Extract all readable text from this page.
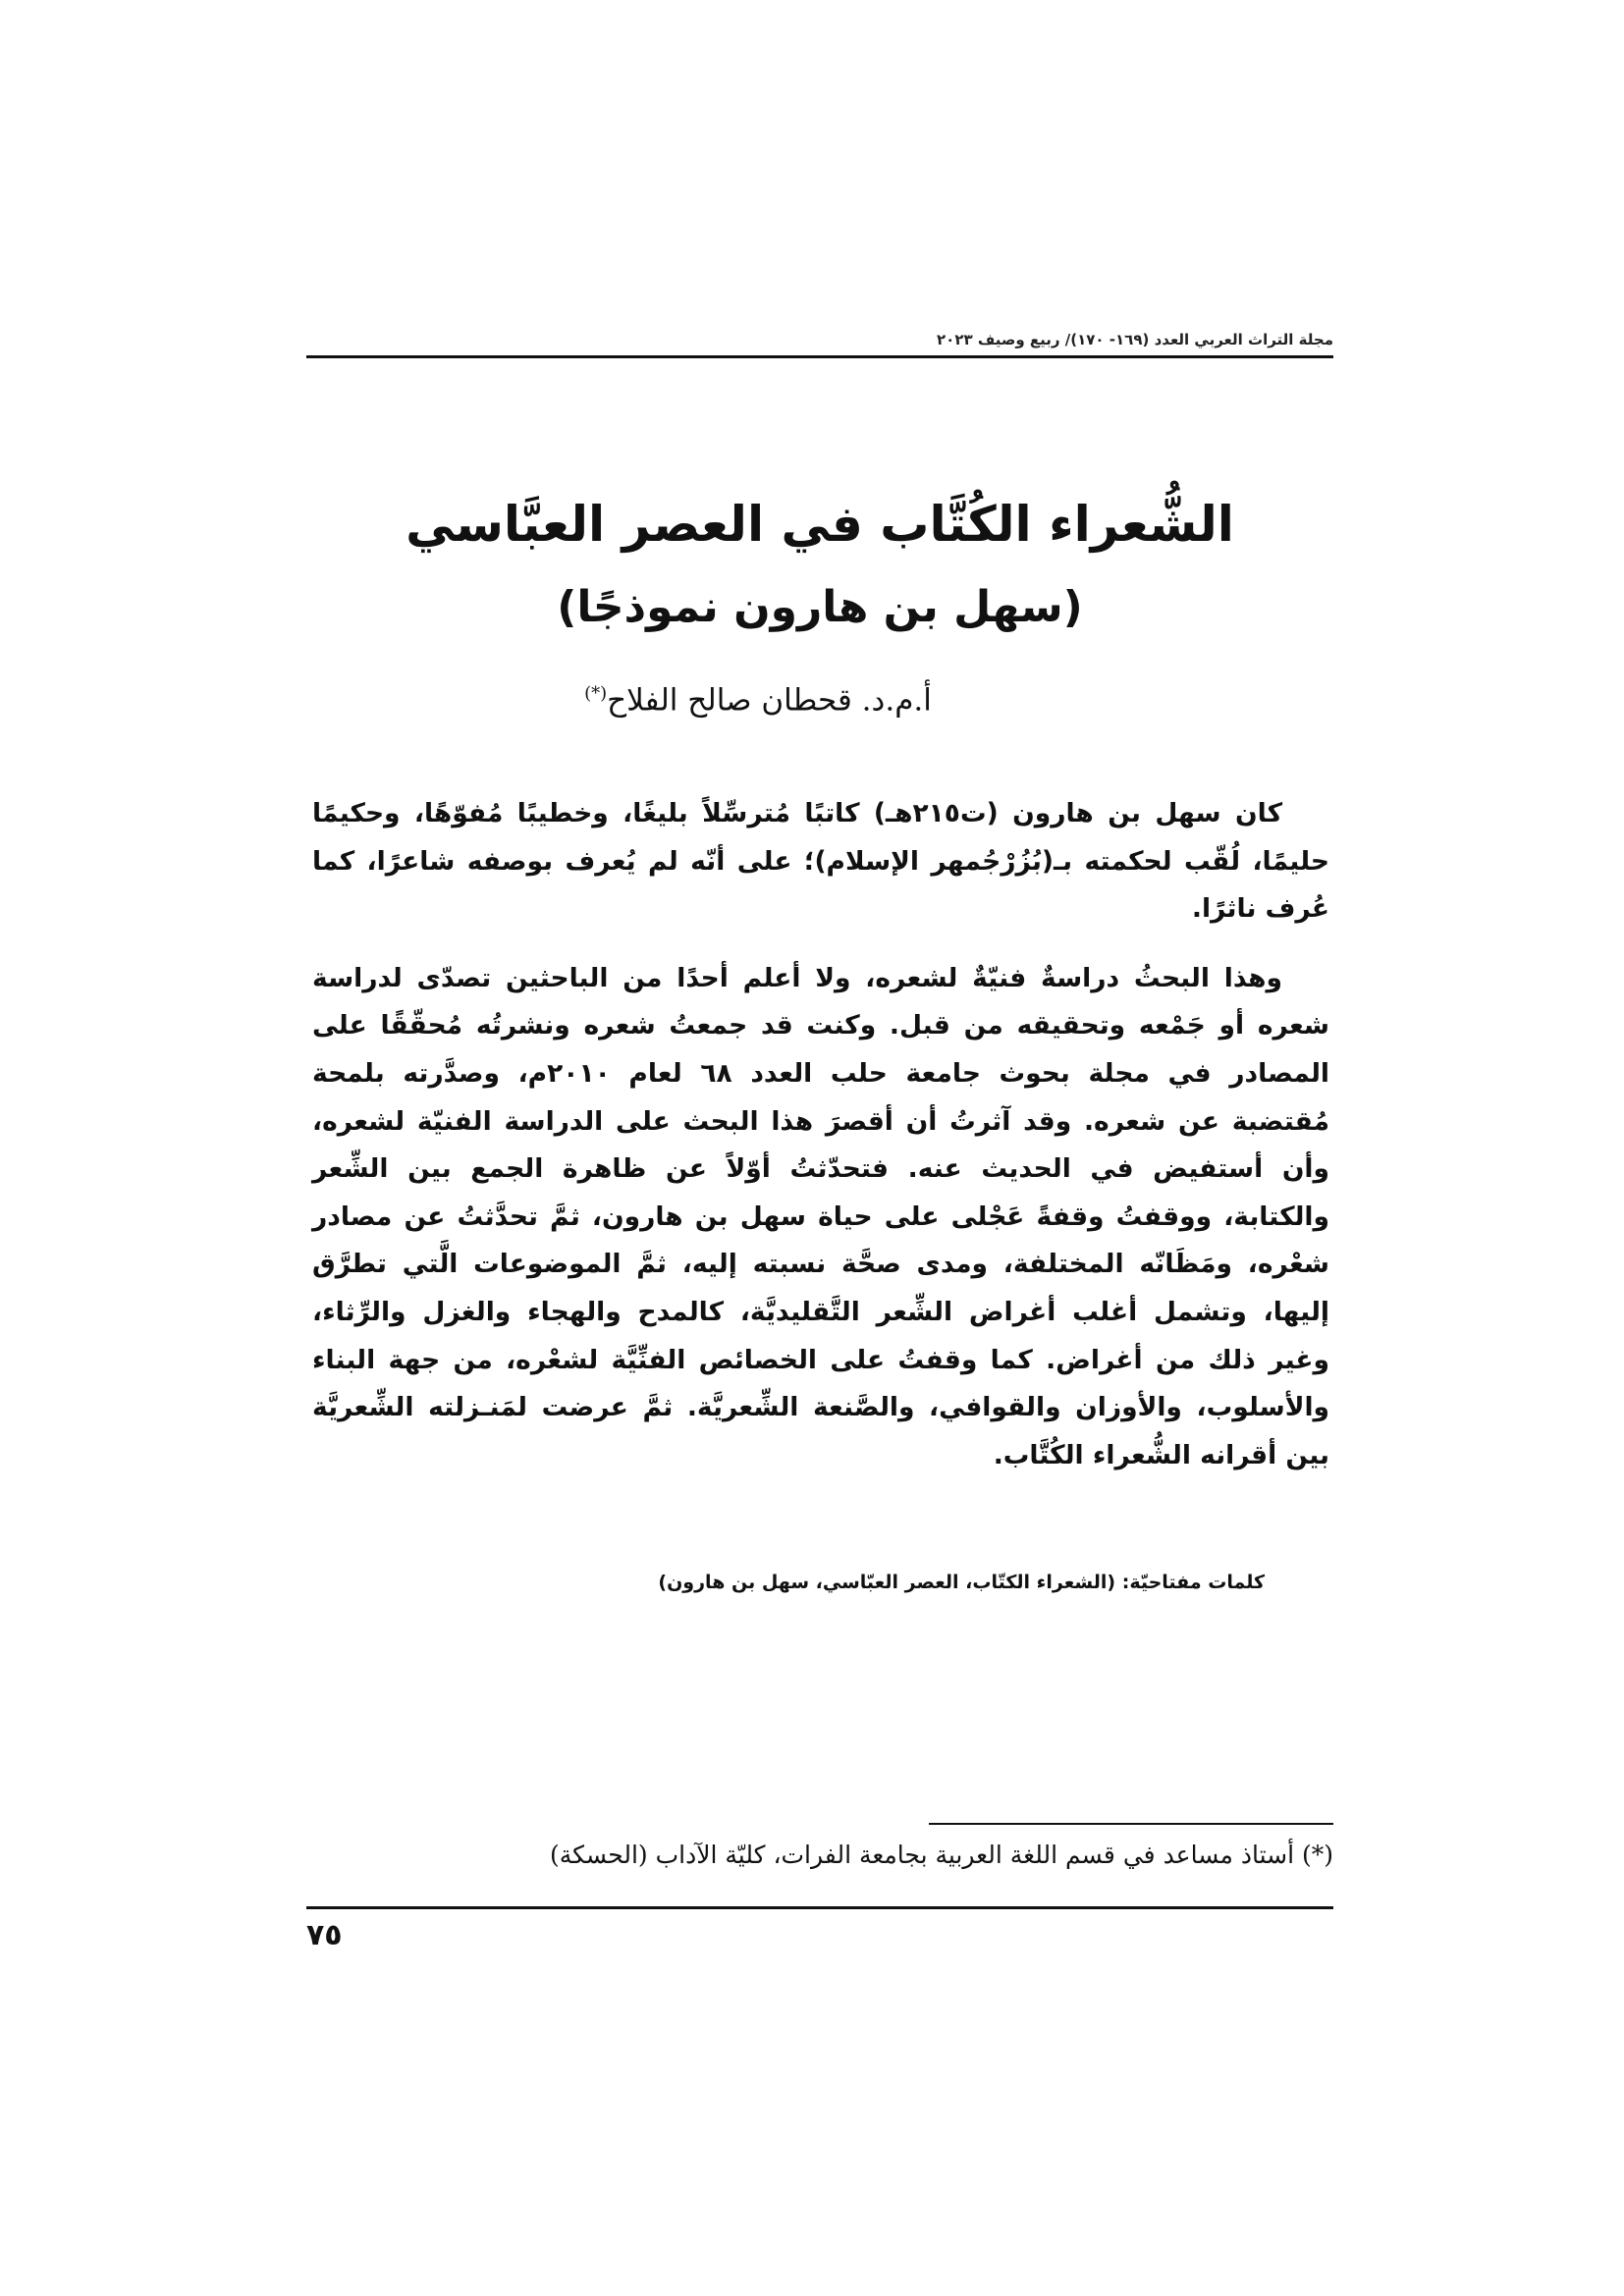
مجلة التراث العربي العدد (١٦٩- ١٧٠)/ ربيع وصيف ٢٠٢٣
الشُّعراء الكُتَّاب في العصر العبَّاسي
(سهل بن هارون نموذجًا)
أ.م.د. قحطان صالح الفلاح(*)

كان سهل بن هارون (ت٢١٥هـ) كاتبًا مُترسِّلاً بليغًا، وخطيبًا مُفوّهًا، وحكيمًا حليمًا، لُقّب لحكمته بـ(بُزُرْجُمهر الإسلام)؛ على أنّه لم يُعرف بوصفه شاعرًا، كما عُرف ناثرًا.

وهذا البحثُ دراسةٌ فنيّةٌ لشعره، ولا أعلم أحدًا من الباحثين تصدّى لدراسة شعره أو جَمْعه وتحقيقه من قبل. وكنت قد جمعتُ شعره ونشرتُه مُحقّقًا على المصادر في مجلة بحوث جامعة حلب العدد ٦٨ لعام ٢٠١٠م، وصدَّرته بلمحة مُقتضبة عن شعره. وقد آثرتُ أن أقصرَ هذا البحث على الدراسة الفنيّة لشعره، وأن أستفيض في الحديث عنه. فتحدّثتُ أوّلاً عن ظاهرة الجمع بين الشِّعر والكتابة، ووقفتُ وقفةً عَجْلى على حياة سهل بن هارون، ثمَّ تحدَّثتُ عن مصادر شعْره، ومَظَانّه المختلفة، ومدى صحَّة نسبته إليه، ثمَّ الموضوعات الَّتي تطرَّق إليها، وتشمل أغلب أغراض الشِّعر التَّقليديَّة، كالمدح والهجاء والغزل والرِّثاء، وغير ذلك من أغراض. كما وقفتُ على الخصائص الفنِّيَّة لشعْره، من جهة البناء والأسلوب، والأوزان والقوافي، والصَّنعة الشِّعريَّة. ثمَّ عرضت لمَنـزلته الشِّعريَّة بين أقرانه الشُّعراء الكُتَّاب.

كلمات مفتاحيّة: (الشعراء الكتّاب، العصر العبّاسي، سهل بن هارون)
(*) أستاذ مساعد في قسم اللغة العربية بجامعة الفرات، كليّة الآداب (الحسكة)
٧٥
